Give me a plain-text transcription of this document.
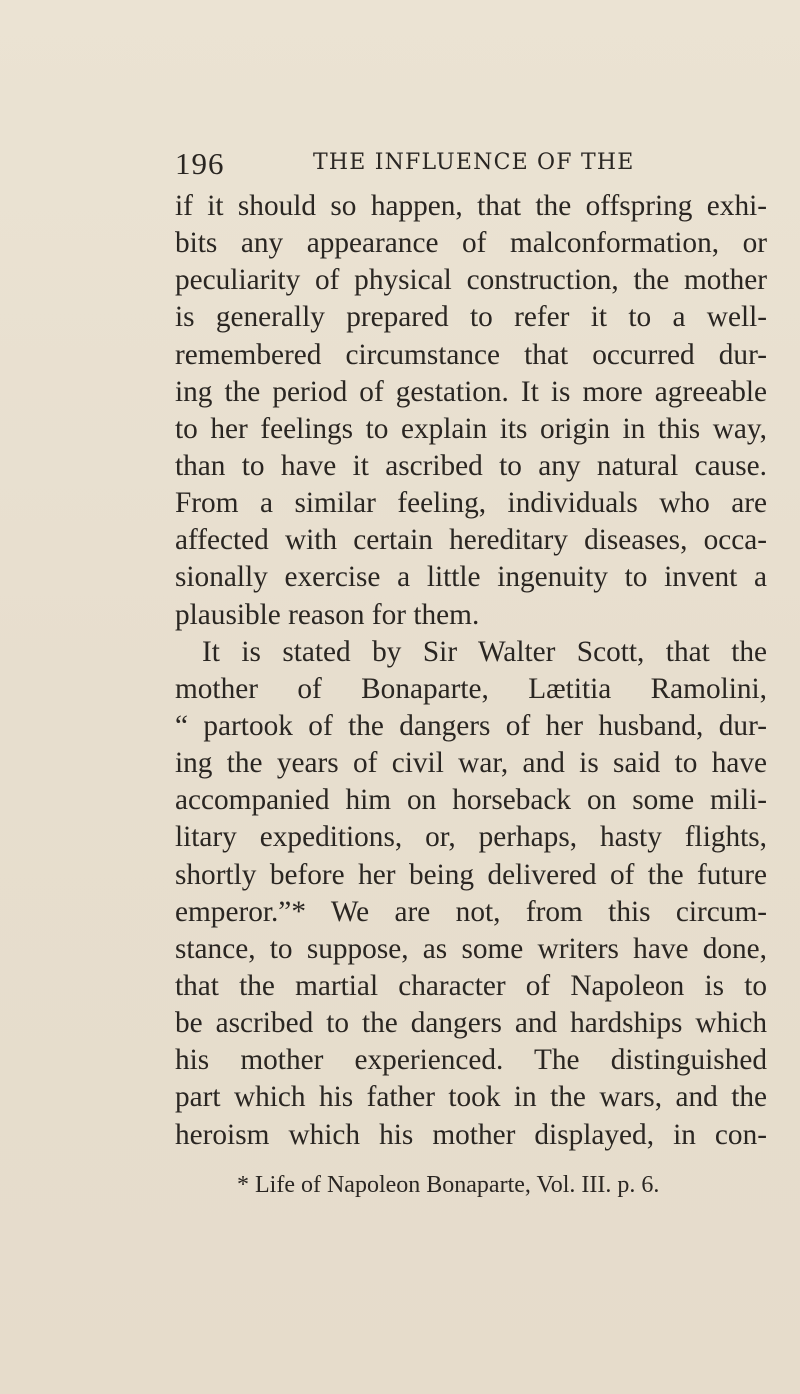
196	THE INFLUENCE OF THE
if it should so happen, that the offspring exhi-
bits any appearance of malconformation, or
peculiarity of physical construction, the mother
is generally prepared to refer it to a well-
remembered circumstance that occurred dur-
ing the period of gestation. It is more agreeable
to her feelings to explain its origin in this way,
than to have it ascribed to any natural cause.
From a similar feeling, individuals who are
affected with certain hereditary diseases, occa-
sionally exercise a little ingenuity to invent a
plausible reason for them.
It is stated by Sir Walter Scott, that the
mother of Bonaparte, Lætitia Ramolini,
“ partook of the dangers of her husband, dur-
ing the years of civil war, and is said to have
accompanied him on horseback on some mili-
litary expeditions, or, perhaps, hasty flights,
shortly before her being delivered of the future
emperor.”* We are not, from this circum-
stance, to suppose, as some writers have done,
that the martial character of Napoleon is to
be ascribed to the dangers and hardships which
his mother experienced. The distinguished
part which his father took in the wars, and the
heroism which his mother displayed, in con-
* Life of Napoleon Bonaparte, Vol. III. p. 6.
